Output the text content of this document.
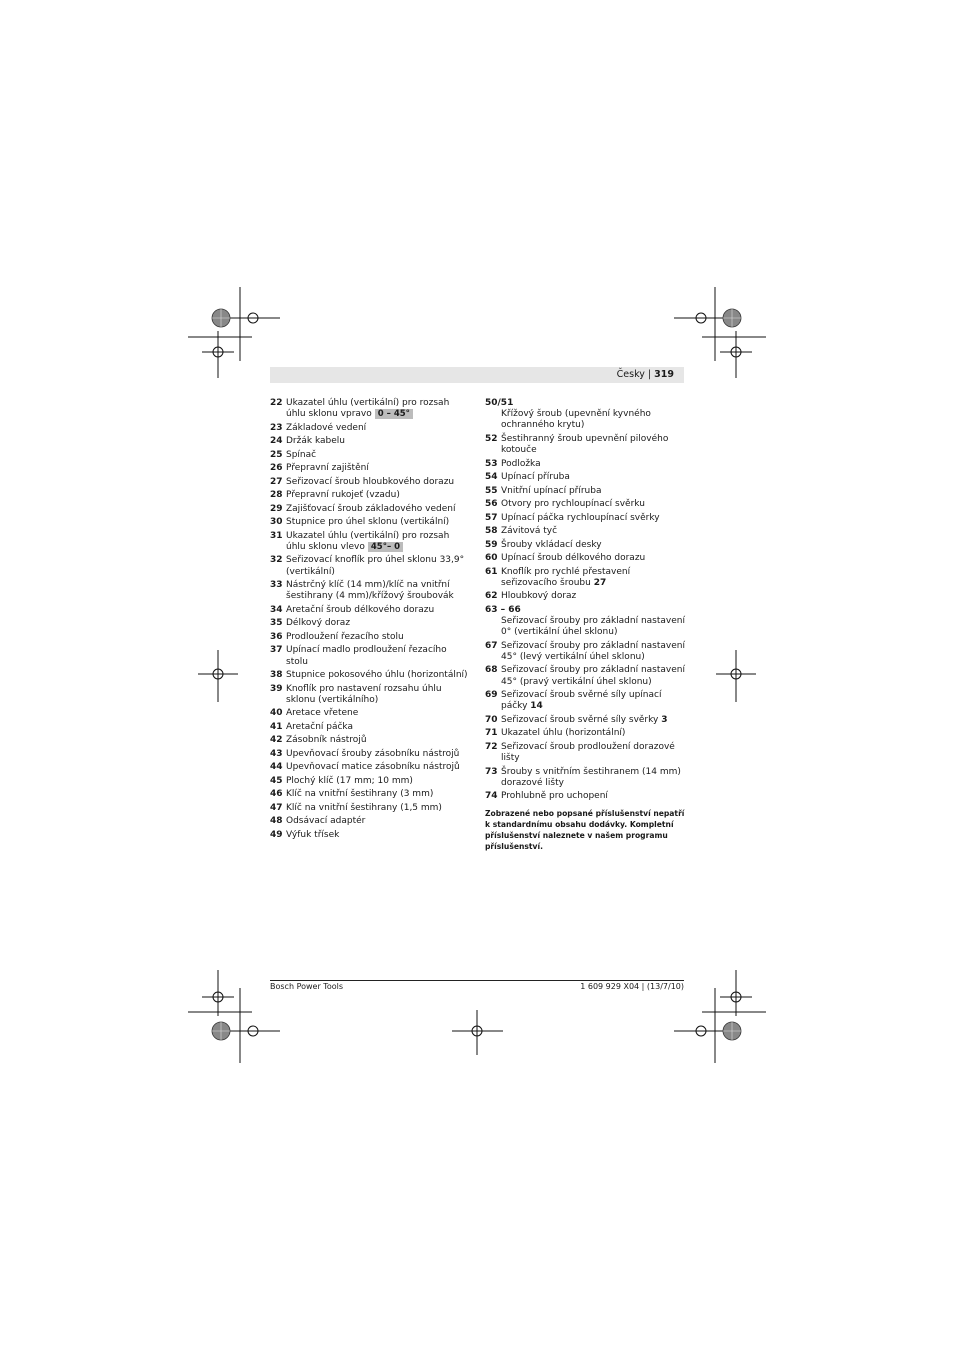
Česky | 319
22 Ukazatel úhlu (vertikální) pro rozsah úhlu sklonu vpravo 0 – 45°
23 Základové vedení
24 Držák kabelu
25 Spínač
26 Přepravní zajištění
27 Seřizovací šroub hloubkového dorazu
28 Přepravní rukojeť (vzadu)
29 Zajišťovací šroub základového vedení
30 Stupnice pro úhel sklonu (vertikální)
31 Ukazatel úhlu (vertikální) pro rozsah úhlu sklonu vlevo 45°– 0
32 Seřizovací knoflík pro úhel sklonu 33,9° (vertikální)
33 Nástrčný klíč (14 mm)/klíč na vnitřní šestihrany (4 mm)/křížový šroubovák
34 Aretační šroub délkového dorazu
35 Délkový doraz
36 Prodloužení řezacího stolu
37 Upínací madlo prodloužení řezacího stolu
38 Stupnice pokosového úhlu (horizontální)
39 Knoflík pro nastavení rozsahu úhlu sklonu (vertikálního)
40 Aretace vřetene
41 Aretační páčka
42 Zásobník nástrojů
43 Upevňovací šrouby zásobníku nástrojů
44 Upevňovací matice zásobníku nástrojů
45 Plochý klíč (17 mm; 10 mm)
46 Klíč na vnitřní šestihrany (3 mm)
47 Klíč na vnitřní šestihrany (1,5 mm)
48 Odsávací adaptér
49 Výfuk třísek
50/51
Křížový šroub (upevnění kyvného ochranného krytu)
52 Šestihranný šroub upevnění pilového kotouče
53 Podložka
54 Upínací příruba
55 Vnitřní upínací příruba
56 Otvory pro rychloupínací svěrku
57 Upínací páčka rychloupínací svěrky
58 Závitová tyč
59 Šrouby vkládací desky
60 Upínací šroub délkového dorazu
61 Knoflík pro rychlé přestavení seřizovacího šroubu 27
62 Hloubkový doraz
63 – 66
Seřizovací šrouby pro základní nastavení 0° (vertikální úhel sklonu)
67 Seřizovací šrouby pro základní nastavení 45° (levý vertikální úhel sklonu)
68 Seřizovací šrouby pro základní nastavení 45° (pravý vertikální úhel sklonu)
69 Seřizovací šroub svěrné síly upínací páčky 14
70 Seřizovací šroub svěrné síly svěrky 3
71 Ukazatel úhlu (horizontální)
72 Seřizovací šroub prodloužení dorazové lišty
73 Šrouby s vnitřním šestihranem (14 mm) dorazové lišty
74 Prohlubně pro uchopení
Zobrazené nebo popsané příslušenství nepatří k standardnímu obsahu dodávky. Kompletní příslušenství naleznete v našem programu příslušenství.
Bosch Power Tools	1 609 929 X04 | (13/7/10)
